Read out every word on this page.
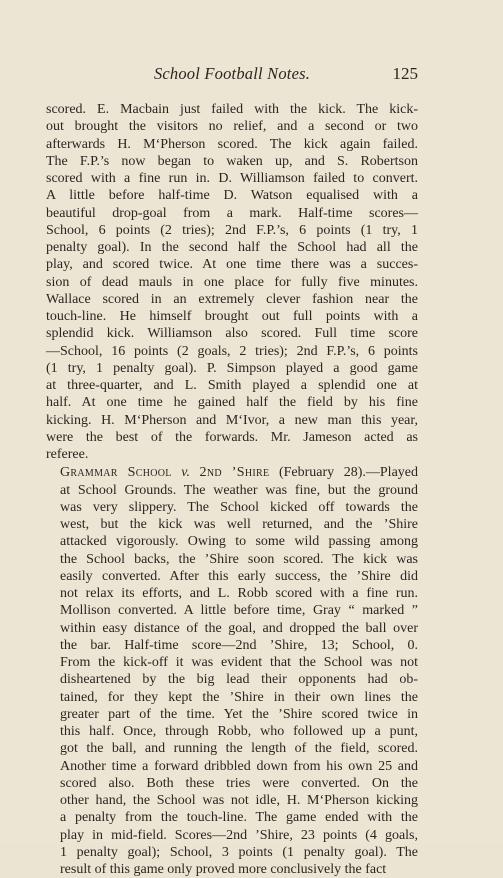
School Football Notes.	125
scored. E. Macbain just failed with the kick. The kick-
out brought the visitors no relief, and a second or two
afterwards H. M‘Pherson scored. The kick again failed.
The F.P.’s now began to waken up, and S. Robertson
scored with a fine run in. D. Williamson failed to convert.
A little before half-time D. Watson equalised with a
beautiful drop-goal from a mark. Half-time scores—
School, 6 points (2 tries); 2nd F.P.’s, 6 points (1 try, 1
penalty goal). In the second half the School had all the
play, and scored twice. At one time there was a succes-
sion of dead mauls in one place for fully five minutes.
Wallace scored in an extremely clever fashion near the
touch-line. He himself brought out full points with a
splendid kick. Williamson also scored. Full time score
—School, 16 points (2 goals, 2 tries); 2nd F.P.’s, 6 points
(1 try, 1 penalty goal). P. Simpson played a good game
at three-quarter, and L. Smith played a splendid one at
half. At one time he gained half the field by his fine
kicking. H. M‘Pherson and M‘Ivor, a new man this year,
were the best of the forwards. Mr. Jameson acted as
referee.
Grammar School v. 2nd ’Shire (February 28).—Played
at School Grounds. The weather was fine, but the ground
was very slippery. The School kicked off towards the
west, but the kick was well returned, and the ’Shire
attacked vigorously. Owing to some wild passing among
the School backs, the ’Shire soon scored. The kick was
easily converted. After this early success, the ’Shire did
not relax its efforts, and L. Robb scored with a fine run.
Mollison converted. A little before time, Gray “ marked ”
within easy distance of the goal, and dropped the ball over
the bar. Half-time score—2nd ’Shire, 13; School, 0.
From the kick-off it was evident that the School was not
disheartened by the big lead their opponents had ob-
tained, for they kept the ’Shire in their own lines the
greater part of the time. Yet the ’Shire scored twice in
this half. Once, through Robb, who followed up a punt,
got the ball, and running the length of the field, scored.
Another time a forward dribbled down from his own 25 and
scored also. Both these tries were converted. On the
other hand, the School was not idle, H. M‘Pherson kicking
a penalty from the touch-line. The game ended with the
play in mid-field. Scores—2nd ’Shire, 23 points (4 goals,
1 penalty goal); School, 3 points (1 penalty goal). The
result of this game only proved more conclusively the fact
